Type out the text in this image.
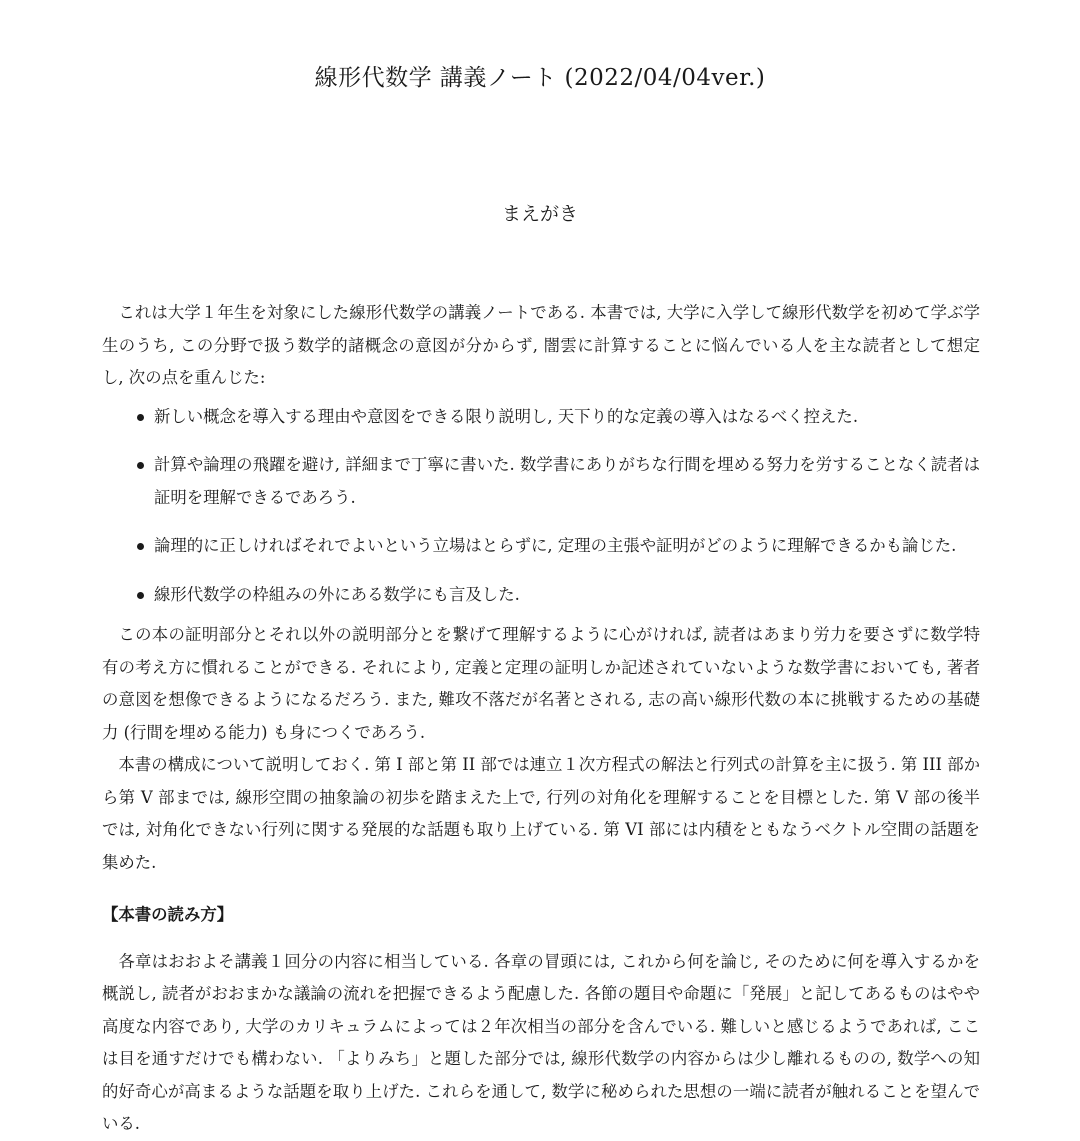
線形代数学 講義ノート (2022/04/04ver.)
まえがき

これは大学１年生を対象にした線形代数学の講義ノートである. 本書では, 大学に入学して線形代数学を初めて学ぶ学生のうち, この分野で扱う数学的諸概念の意図が分からず, 闇雲に計算することに悩んでいる人を主な読者として想定し, 次の点を重んじた:

新しい概念を導入する理由や意図をできる限り説明し, 天下り的な定義の導入はなるべく控えた.
計算や論理の飛躍を避け, 詳細まで丁寧に書いた. 数学書にありがちな行間を埋める努力を労することなく読者は証明を理解できるであろう.
論理的に正しければそれでよいという立場はとらずに, 定理の主張や証明がどのように理解できるかも論じた.
線形代数学の枠組みの外にある数学にも言及した.

この本の証明部分とそれ以外の説明部分とを繋げて理解するように心がければ, 読者はあまり労力を要さずに数学特有の考え方に慣れることができる. それにより, 定義と定理の証明しか記述されていないような数学書においても, 著者の意図を想像できるようになるだろう. また, 難攻不落だが名著とされる, 志の高い線形代数の本に挑戦するための基礎力 (行間を埋める能力) も身につくであろう.

本書の構成について説明しておく. 第 I 部と第 II 部では連立１次方程式の解法と行列式の計算を主に扱う. 第 III 部から第 V 部までは, 線形空間の抽象論の初歩を踏まえた上で, 行列の対角化を理解することを目標とした. 第 V 部の後半では, 対角化できない行列に関する発展的な話題も取り上げている. 第 VI 部には内積をともなうベクトル空間の話題を集めた.

【本書の読み方】

各章はおおよそ講義１回分の内容に相当している. 各章の冒頭には, これから何を論じ, そのために何を導入するかを概説し, 読者がおおまかな議論の流れを把握できるよう配慮した. 各節の題目や命題に「発展」と記してあるものはやや高度な内容であり, 大学のカリキュラムによっては２年次相当の部分を含んでいる. 難しいと感じるようであれば, ここは目を通すだけでも構わない. 「よりみち」と題した部分では, 線形代数学の内容からは少し離れるものの, 数学への知的好奇心が高まるような話題を取り上げた. これらを通して, 数学に秘められた思想の一端に読者が触れることを望んでいる.
